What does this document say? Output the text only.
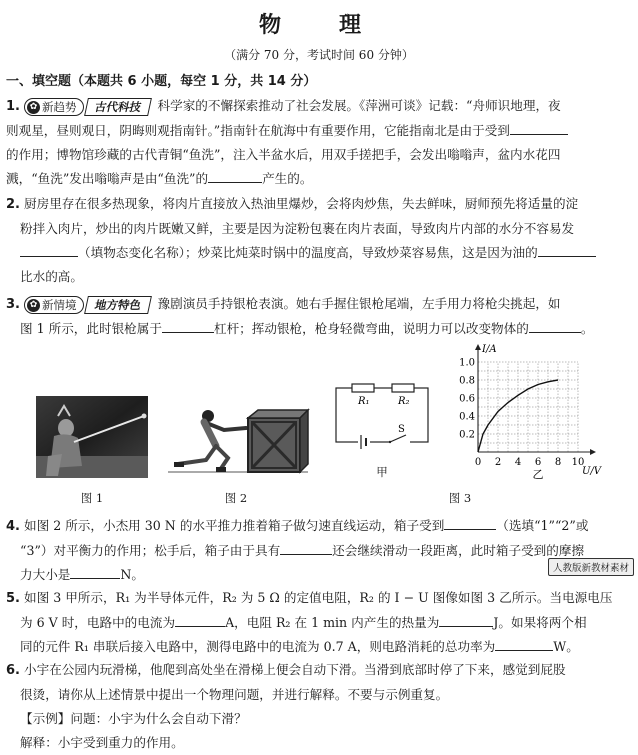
物　理
（满分 70 分，考试时间 60 分钟）
一、填空题（本题共 6 小题，每空 1 分，共 14 分）
1. ✿ 新趋势 古代科技 科学家的不懈探索推动了社会发展。《萍洲可谈》记载：“舟师识地理，夜
则观星，昼则观日，阴晦则观指南针。”指南针在航海中有重要作用，它能指南北是由于受到
的作用；博物馆珍藏的古代青铜“鱼洗”，注入半盆水后，用双手搓把手，会发出嗡嗡声，盆内水花四
溅，“鱼洗”发出嗡嗡声是由“鱼洗”的	产生的。
2. 厨房里存在很多热现象，将肉片直接放入热油里爆炒，会将肉炒焦，失去鲜味，厨师预先将适量的淀
粉拌入肉片，炒出的肉片既嫩又鲜，主要是因为淀粉包裹在肉片表面，导致肉片内部的水分不容易发
（填物态变化名称）；炒菜比炖菜时锅中的温度高，导致炒菜容易焦，这是因为油的
比水的高。
3. ✿ 新情境 地方特色 豫剧演员手持银枪表演。她右手握住银枪尾端，左手用力将枪尖挑起，如
图 1 所示，此时银枪属于	杠杆；挥动银枪，枪身轻微弯曲，说明力可以改变物体的	。
图 1	图 2
R₁	R₂
S
甲
I/A
U/V
0 2 4 6 8 10
0.2
0.4
0.6
0.8
1.0
乙
图 3
4. 如图 2 所示，小杰用 30 N 的水平推力推着箱子做匀速直线运动，箱子受到	（选填“1”“2”或
“3”）对平衡力的作用；松手后，箱子由于具有	还会继续滑动一段距离，此时箱子受到的摩擦
力大小是	N。	人教版新教材素材
5. 如图 3 甲所示，R₁ 为半导体元件，R₂ 为 5 Ω 的定值电阻，R₂ 的 I − U 图像如图 3 乙所示。当电源电压
为 6 V 时，电路中的电流为	A，电阻 R₂ 在 1 min 内产生的热量为	J。如果将两个相
同的元件 R₁ 串联后接入电路中，测得电路中的电流为 0.7 A，则电路消耗的总功率为	W。
6. 小宇在公园内玩滑梯，他爬到高处坐在滑梯上便会自动下滑。当滑到底部时停了下来，感觉到屁股
很烫，请你从上述情景中提出一个物理问题，并进行解释。不要与示例重复。
【示例】问题：小宇为什么会自动下滑？
解释：小宇受到重力的作用。
